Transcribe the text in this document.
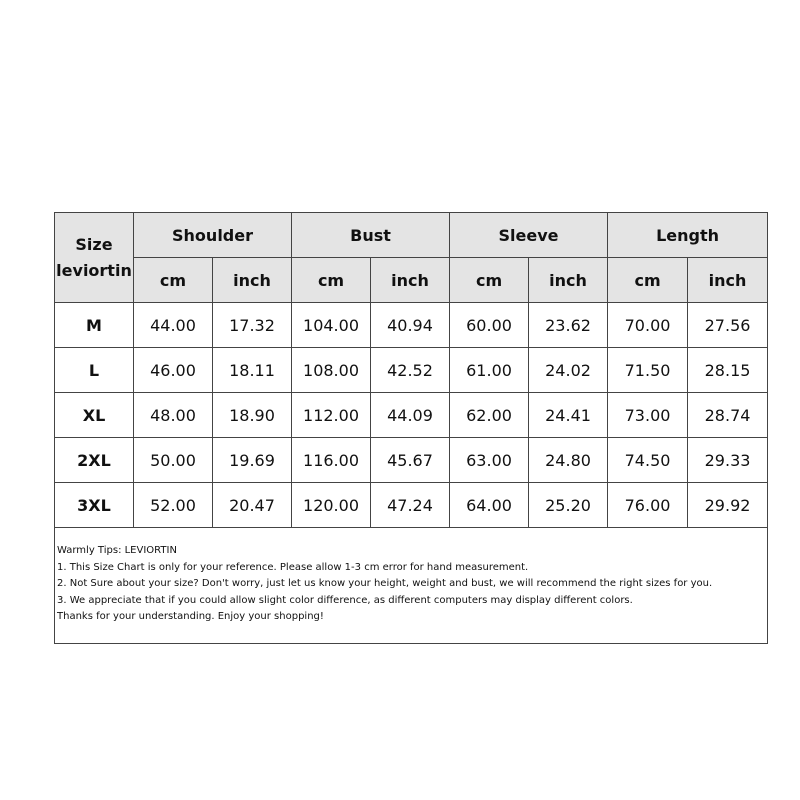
Size leviortin	Shoulder		Bust		Sleeve		Length	
	cm	inch	cm	inch	cm	inch	cm	inch
M	44.00	17.32	104.00	40.94	60.00	23.62	70.00	27.56
L	46.00	18.11	108.00	42.52	61.00	24.02	71.50	28.15
XL	48.00	18.90	112.00	44.09	62.00	24.41	73.00	28.74
2XL	50.00	19.69	116.00	45.67	63.00	24.80	74.50	29.33
3XL	52.00	20.47	120.00	47.24	64.00	25.20	76.00	29.92
Warmly Tips: LEVIORTIN
1. This Size Chart is only for your reference. Please allow 1-3 cm error for hand measurement.
2. Not Sure about your size? Don't worry, just let us know your height, weight and bust, we will recommend the right sizes for you.
3. We appreciate that if you could allow slight color difference, as different computers may display different colors.
Thanks for your understanding. Enjoy your shopping!
